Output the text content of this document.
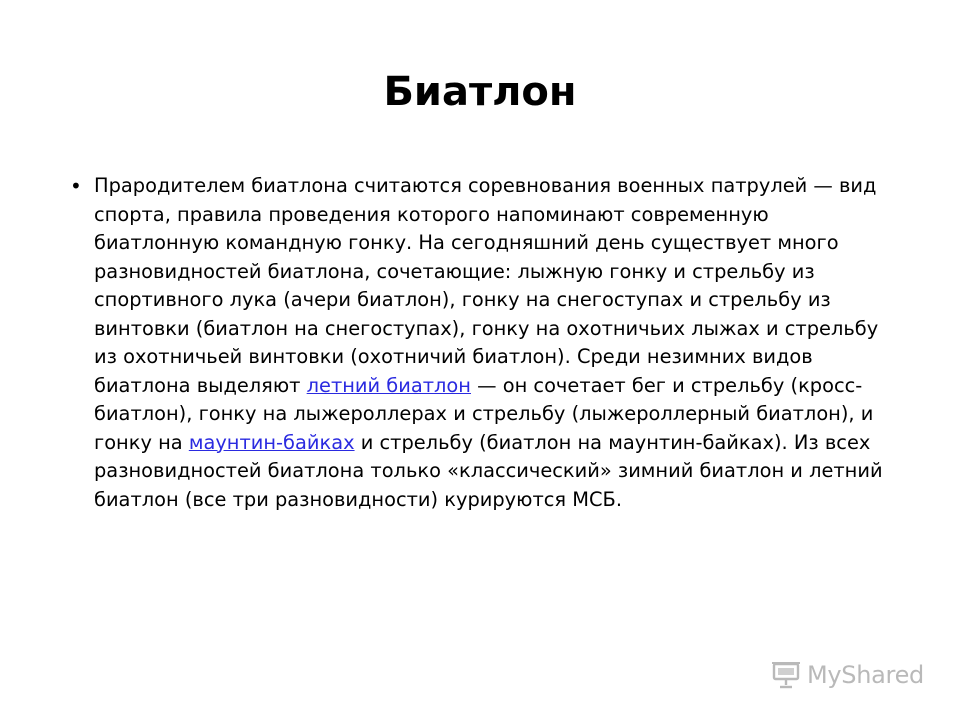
Биатлон
• Прародителем биатлона считаются соревнования военных патрулей — вид спорта, правила проведения которого напоминают современную биатлонную командную гонку. На сегодняшний день существует много разновидностей биатлона, сочетающие: лыжную гонку и стрельбу из спортивного лука (ачери биатлон), гонку на снегоступах и стрельбу из винтовки (биатлон на снегоступах), гонку на охотничьих лыжах и стрельбу из охотничьей винтовки (охотничий биатлон). Среди незимних видов биатлона выделяют летний биатлон — он сочетает бег и стрельбу (кросс-биатлон), гонку на лыжероллерах и стрельбу (лыжероллерный биатлон), и гонку на маунтин-байках и стрельбу (биатлон на маунтин-байках). Из всех разновидностей биатлона только «классический» зимний биатлон и летний биатлон (все три разновидности) курируются МСБ.

MyShared
